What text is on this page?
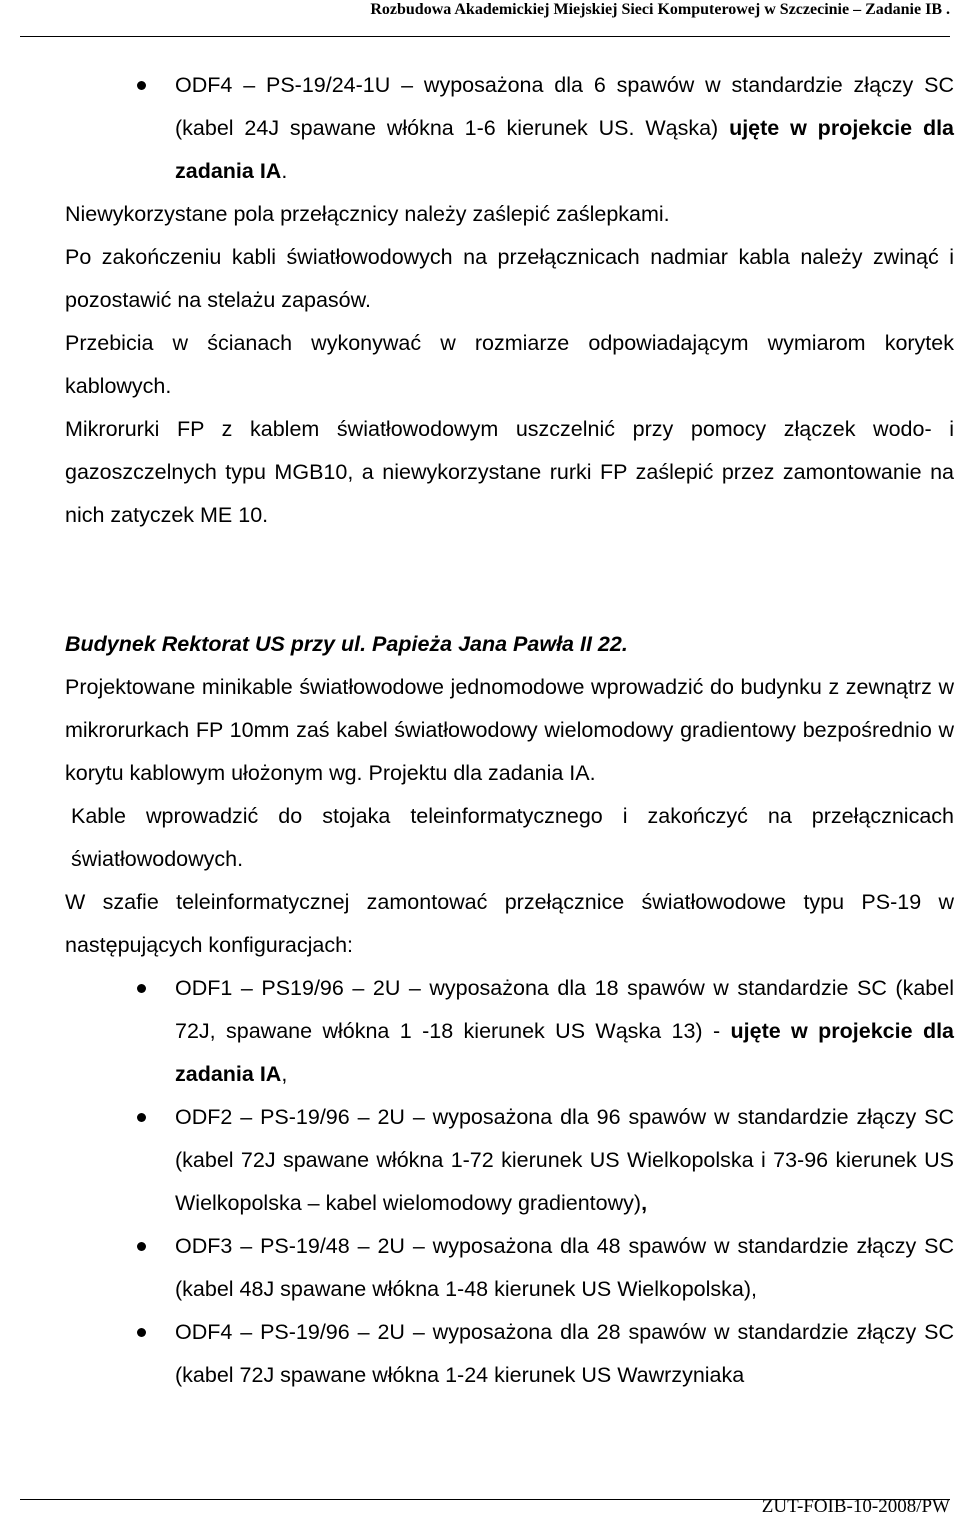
Rozbudowa Akademickiej Miejskiej Sieci Komputerowej w Szczecinie – Zadanie IB .
ODF4 – PS-19/24-1U – wyposażona dla 6 spawów w standardzie złączy SC (kabel 24J spawane włókna 1-6 kierunek US. Wąska) ujęte w projekcie dla zadania IA.

Niewykorzystane pola przełącznicy należy zaślepić zaślepkami.

Po zakończeniu kabli światłowodowych na przełącznicach nadmiar kabla należy zwinąć i pozostawić na stelażu zapasów.

Przebicia w ścianach wykonywać w rozmiarze odpowiadającym wymiarom korytek kablowych.

Mikrorurki FP z kablem światłowodowym uszczelnić przy pomocy złączek wodo- i gazoszczelnych typu MGB10, a niewykorzystane rurki FP zaślepić przez zamontowanie na nich zatyczek ME 10.

Budynek Rektorat US przy ul. Papieża Jana Pawła II 22.

Projektowane minikable światłowodowe jednomodowe wprowadzić do budynku z zewnątrz w mikrorurkach FP 10mm zaś kabel światłowodowy wielomodowy gradientowy bezpośrednio w korytu kablowym ułożonym wg. Projektu dla zadania IA.

Kable wprowadzić do stojaka teleinformatycznego i zakończyć na przełącznicach światłowodowych.

W szafie teleinformatycznej zamontować przełącznice światłowodowe typu PS-19 w następujących konfiguracjach:

ODF1 – PS19/96 – 2U – wyposażona dla 18 spawów w standardzie SC (kabel 72J, spawane włókna 1 -18 kierunek US Wąska 13) - ujęte w projekcie dla zadania IA,
ODF2 – PS-19/96 – 2U – wyposażona dla 96 spawów w standardzie złączy SC (kabel 72J spawane włókna 1-72 kierunek US Wielkopolska i 73-96 kierunek US Wielkopolska – kabel wielomodowy gradientowy),
ODF3 – PS-19/48 – 2U – wyposażona dla 48 spawów w standardzie złączy SC (kabel 48J spawane włókna 1-48 kierunek US Wielkopolska),
ODF4 – PS-19/96 – 2U – wyposażona dla 28 spawów w standardzie złączy SC (kabel 72J spawane włókna 1-24 kierunek US Wawrzyniaka
ZUT-FOIB-10-2008/PW
